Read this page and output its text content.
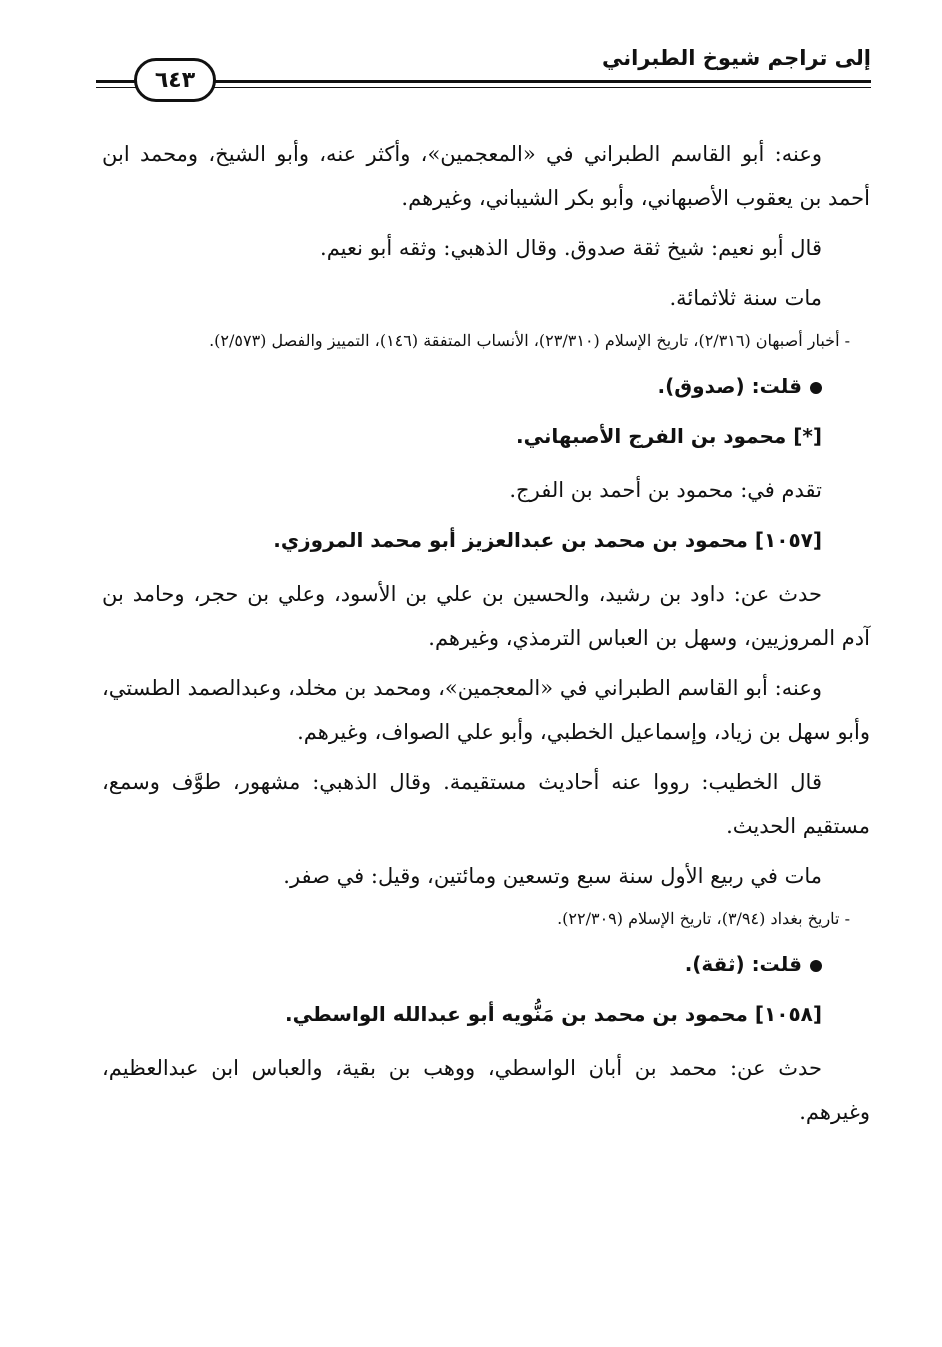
إلى تراجم شيوخ الطبراني
٦٤٣

وعنه: أبو القاسم الطبراني في «المعجمين»، وأكثر عنه، وأبو الشيخ، ومحمد ابن أحمد بن يعقوب الأصبهاني، وأبو بكر الشيباني، وغيرهم.

قال أبو نعيم: شيخ ثقة صدوق. وقال الذهبي: وثقه أبو نعيم.

مات سنة ثلاثمائة.

- أخبار أصبهان (٢/٣١٦)، تاريخ الإسلام (٢٣/٣١٠)، الأنساب المتفقة (١٤٦)، التمييز والفصل (٢/٥٧٣).

قلت: (صدوق).

[*] محمود بن الفرج الأصبهاني.

تقدم في: محمود بن أحمد بن الفرج.

[١٠٥٧] محمود بن محمد بن عبدالعزيز أبو محمد المروزي.

حدث عن: داود بن رشيد، والحسين بن علي بن الأسود، وعلي بن حجر، وحامد بن آدم المروزيين، وسهل بن العباس الترمذي، وغيرهم.

وعنه: أبو القاسم الطبراني في «المعجمين»، ومحمد بن مخلد، وعبدالصمد الطستي، وأبو سهل بن زياد، وإسماعيل الخطبي، وأبو علي الصواف، وغيرهم.

قال الخطيب: رووا عنه أحاديث مستقيمة. وقال الذهبي: مشهور، طوَّف وسمع، مستقيم الحديث.

مات في ربيع الأول سنة سبع وتسعين ومائتين، وقيل: في صفر.

- تاريخ بغداد (٣/٩٤)، تاريخ الإسلام (٢٢/٣٠٩).

قلت: (ثقة).

[١٠٥٨] محمود بن محمد بن مَنُّويه أبو عبدالله الواسطي.

حدث عن: محمد بن أبان الواسطي، ووهب بن بقية، والعباس ابن عبدالعظيم، وغيرهم.
